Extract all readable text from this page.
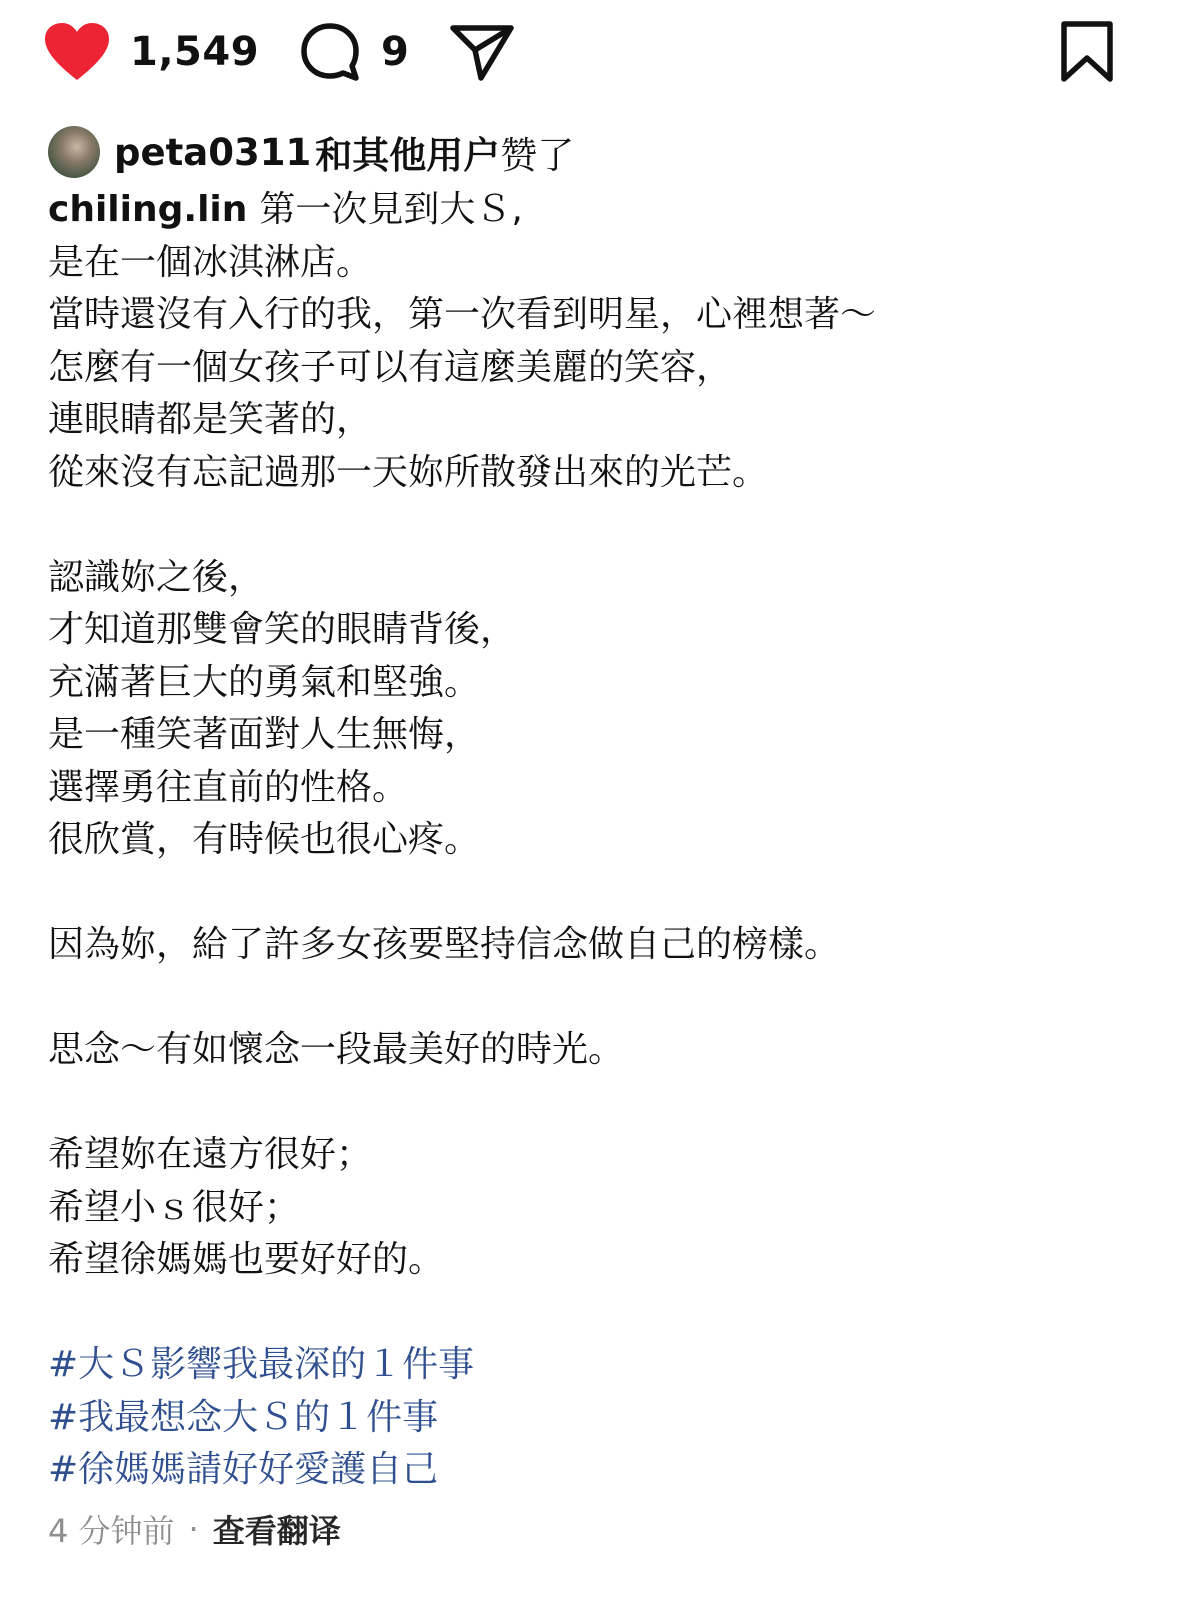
1,549	9
peta0311 和其他用户 赞了
chiling.lin 第一次見到大Ｓ,
是在一個冰淇淋店。
當時還沒有入行的我，第一次看到明星，心裡想著～
怎麼有一個女孩子可以有這麼美麗的笑容，
連眼睛都是笑著的，
從來沒有忘記過那一天妳所散發出來的光芒。
認識妳之後，
才知道那雙會笑的眼睛背後，
充滿著巨大的勇氣和堅強。
是一種笑著面對人生無悔，
選擇勇往直前的性格。
很欣賞，有時候也很心疼。
因為妳，給了許多女孩要堅持信念做自己的榜樣。
思念～有如懷念一段最美好的時光。
希望妳在遠方很好；
希望小ｓ很好；
希望徐媽媽也要好好的。
#大Ｓ影響我最深的１件事
#我最想念大Ｓ的１件事
#徐媽媽請好好愛護自己
4 分钟前 · 查看翻译
